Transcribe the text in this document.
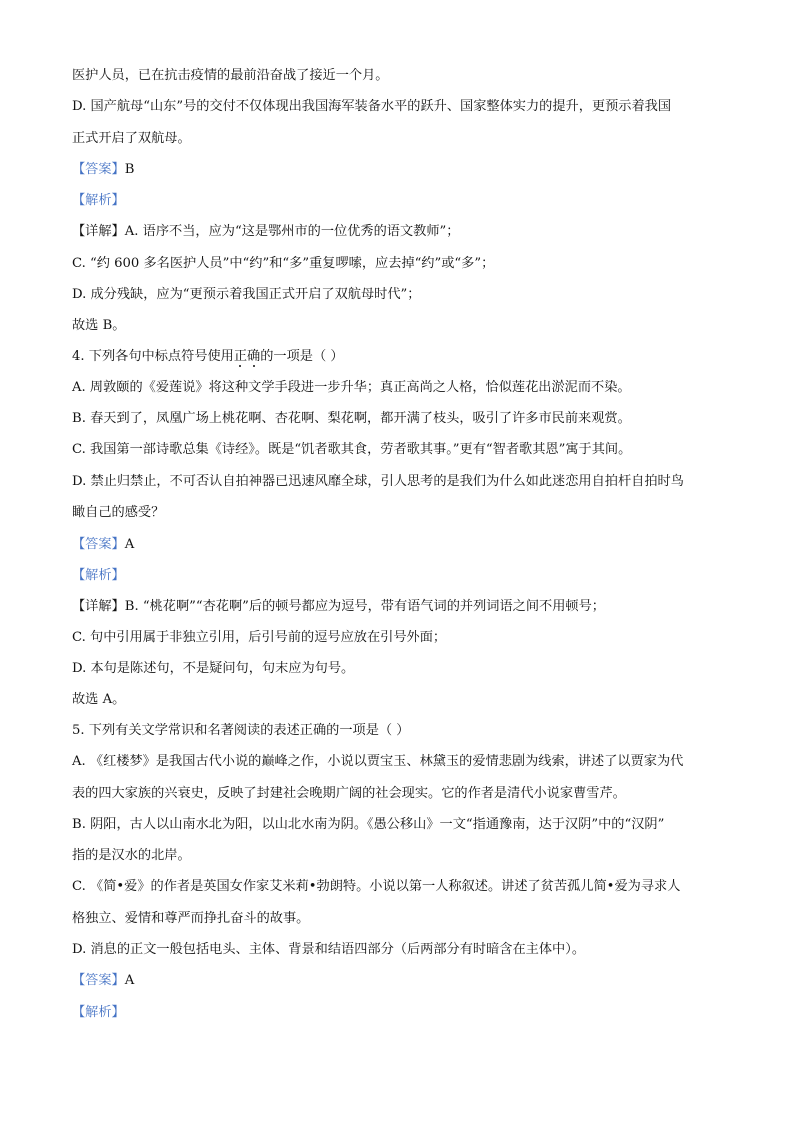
医护人员，已在抗击疫情的最前沿奋战了接近一个月。
D. 国产航母“山东”号的交付不仅体现出我国海军装备水平的跃升、国家整体实力的提升，更预示着我国
正式开启了双航母。
【详解】A. 语序不当，应为“这是鄂州市的一位优秀的语文教师”；
C. “约 600 多名医护人员”中“约”和“多”重复啰嗦，应去掉“约”或“多”；
D. 成分残缺，应为“更预示着我国正式开启了双航母时代”；
故选 B。
A. 周敦颐的《爱莲说》将这种文学手段进一步升华；真正高尚之人格，恰似莲花出淤泥而不染。
B. 春天到了，凤凰广场上桃花啊、杏花啊、梨花啊，都开满了枝头，吸引了许多市民前来观赏。
C. 我国第一部诗歌总集《诗经》。既是“饥者歌其食，劳者歌其事。”更有“智者歌其恩”寓于其间。
D. 禁止归禁止，不可否认自拍神器已迅速风靡全球，引人思考的是我们为什么如此迷恋用自拍杆自拍时鸟
瞰自己的感受？
【详解】B. “桃花啊”“杏花啊”后的顿号都应为逗号，带有语气词的并列词语之间不用顿号；
C. 句中引用属于非独立引用，后引号前的逗号应放在引号外面；
D. 本句是陈述句，不是疑问句，句末应为句号。
故选 A。
5. 下列有关文学常识和名著阅读的表述正确的一项是（ ）
A. 《红楼梦》是我国古代小说的巅峰之作，小说以贾宝玉、林黛玉的爱情悲剧为线索，讲述了以贾家为代
表的四大家族的兴衰史，反映了封建社会晚期广阔的社会现实。它的作者是清代小说家曹雪芹。
B. 阴阳，古人以山南水北为阳，以山北水南为阴。《愚公移山》一文“指通豫南，达于汉阴”中的“汉阴”
指的是汉水的北岸。
C. 《简•爱》的作者是英国女作家艾米莉•勃朗特。小说以第一人称叙述。讲述了贫苦孤儿简•爱为寻求人
格独立、爱情和尊严而挣扎奋斗的故事。
D. 消息的正文一般包括电头、主体、背景和结语四部分（后两部分有时暗含在主体中）。
【答案】B
【答案】A
【答案】A
【解析】
【解析】
【解析】
4. 下列各句中标点符号使用正确的一项是（ ）
